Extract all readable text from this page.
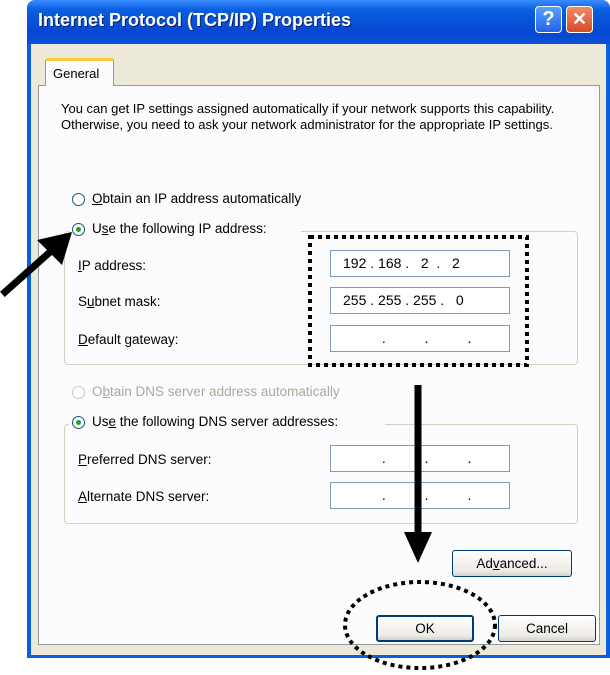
Internet Protocol (TCP/IP) Properties	? ✕
General
You can get IP settings assigned automatically if your network supports this capability. Otherwise, you need to ask your network administrator for the appropriate IP settings.
Obtain an IP address automatically
Use the following IP address:
IP address:	192 . 168 .   2  .   2
Subnet mask:	255 . 255 . 255 .   0
Default gateway:	.          .          .
Obtain DNS server address automatically
Use the following DNS server addresses:
Preferred DNS server:	.          .          .
Alternate DNS server:	.          .          .
Advanced...
OK	Cancel
